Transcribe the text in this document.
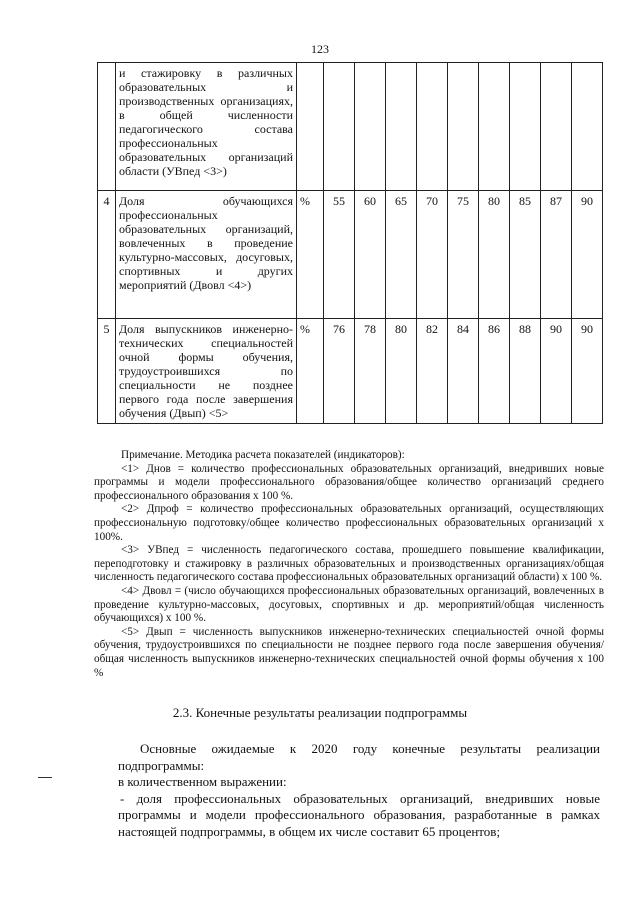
123
	и стажировку в различных образовательных и производственных организациях, в общей численности педагогического состава профессиональных образовательных организаций области (УВпед <3>)										
4	Доля обучающихся профессиональных образовательных организаций, вовлеченных в проведение культурно-массовых, досуговых, спортивных и других мероприятий (Двовл <4>)	%	55	60	65	70	75	80	85	87	90
5	Доля выпускников инженерно-технических специальностей очной формы обучения, трудоустроившихся по специальности не позднее первого года после завершения обучения (Двып) <5>	%	76	78	80	82	84	86	88	90	90

Примечание. Методика расчета показателей (индикаторов):

<1> Днов = количество профессиональных образовательных организаций, внедривших новые программы и модели профессионального образования/общее количество организаций среднего профессионального образования х 100 %.

<2> Дпроф = количество профессиональных образовательных организаций, осуществляющих профессиональную подготовку/общее количество профессиональных образовательных организаций х 100%.

<3> УВпед = численность педагогического состава, прошедшего повышение квалификации, переподготовку и стажировку в различных образовательных и производственных организациях/общая численность педагогического состава профессиональных образовательных организаций области) х 100 %.

<4> Двовл = (число обучающихся профессиональных образовательных организаций, вовлеченных в проведение культурно-массовых, досуговых, спортивных и др. мероприятий/общая численность обучающихся) х 100 %.

<5> Двып = численность выпускников инженерно-технических специальностей очной формы обучения, трудоустроившихся по специальности не позднее первого года после завершения обучения/ общая численность выпускников инженерно-технических специальностей очной формы обучения х 100 %

2.3. Конечные результаты реализации подпрограммы

Основные ожидаемые к 2020 году конечные результаты реализации подпрограммы:

в количественном выражении:

- доля профессиональных образовательных организаций, внедривших новые программы и модели профессионального образования, разработанные в рамках настоящей подпрограммы, в общем их числе составит 65 процентов;
